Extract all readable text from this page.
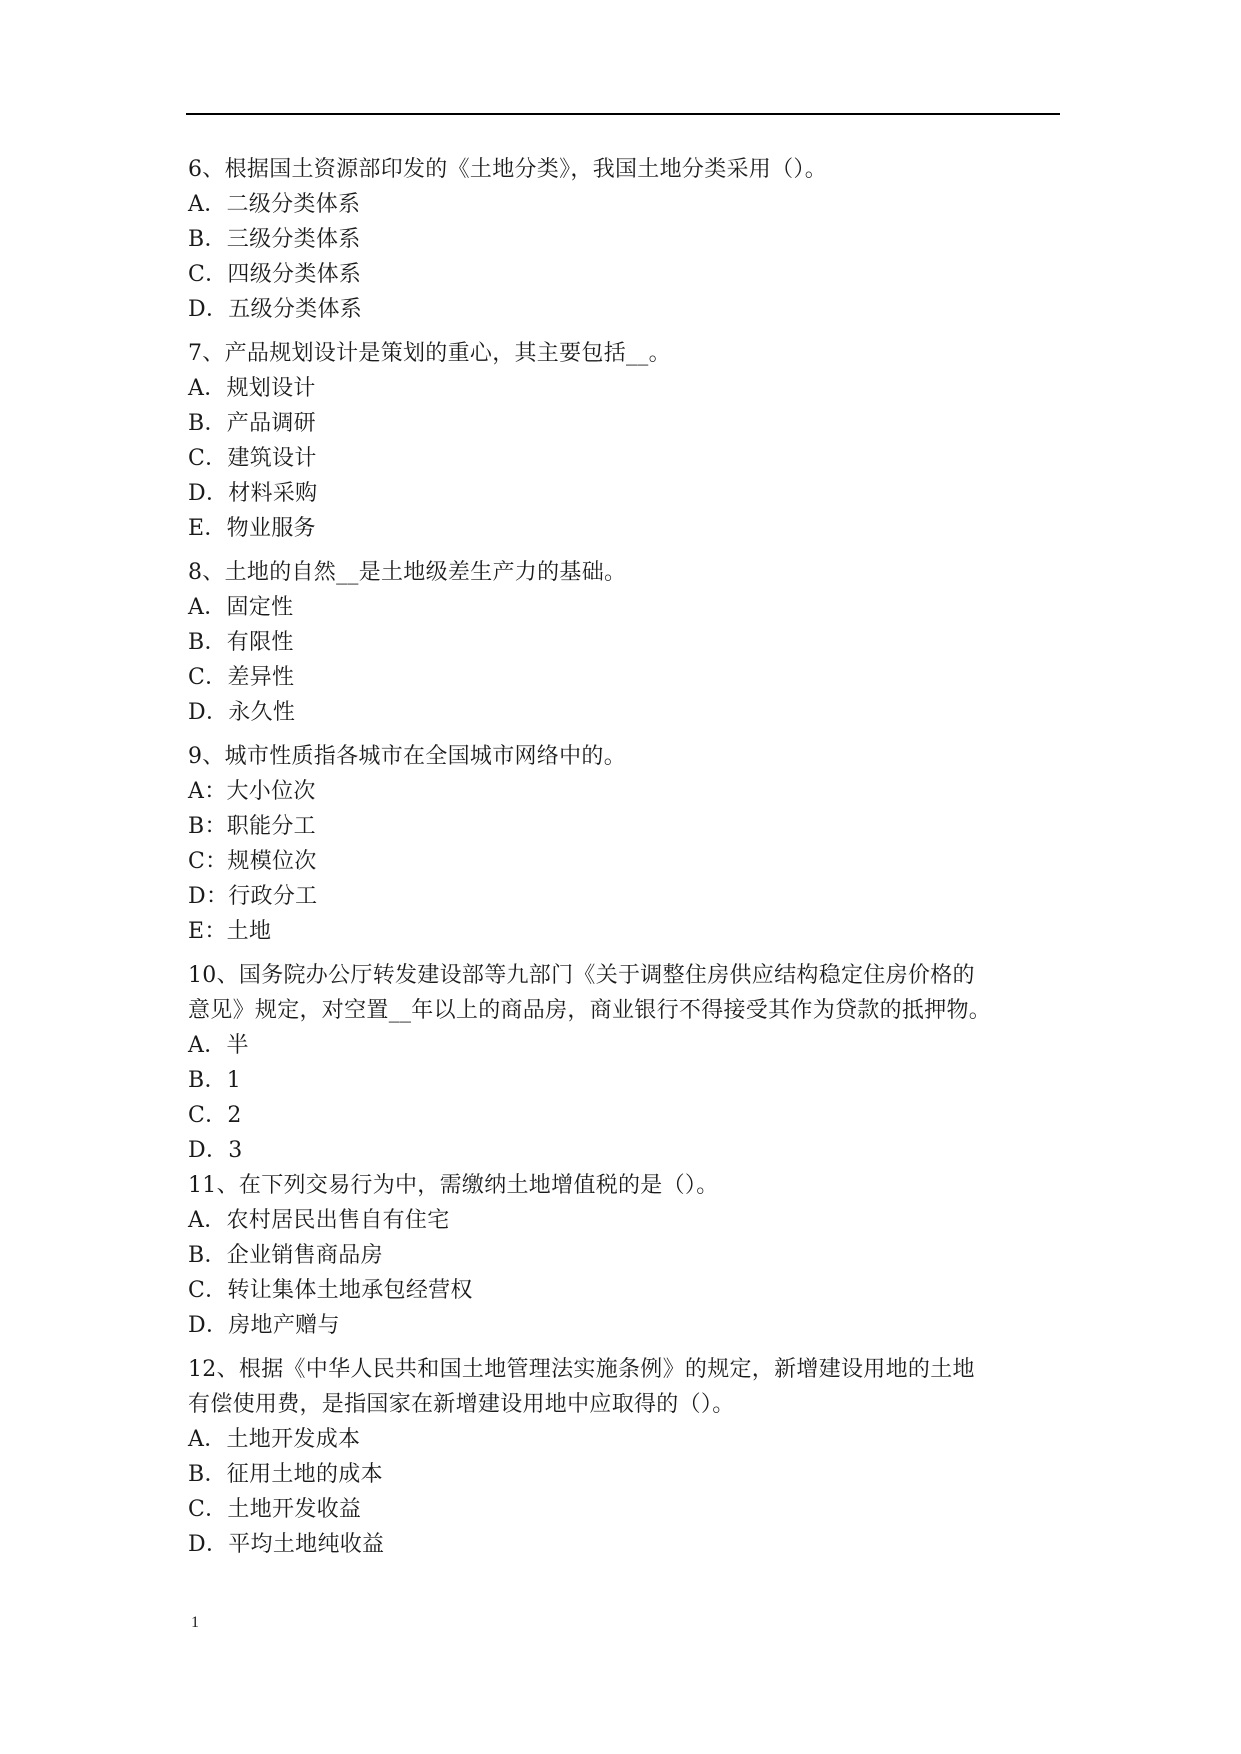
6、根据国土资源部印发的《土地分类》，我国土地分类采用（）。
A．二级分类体系
B．三级分类体系
C．四级分类体系
D．五级分类体系
7、产品规划设计是策划的重心，其主要包括__。
A．规划设计
B．产品调研
C．建筑设计
D．材料采购
E．物业服务
8、土地的自然__是土地级差生产力的基础。
A．固定性
B．有限性
C．差异性
D．永久性
9、城市性质指各城市在全国城市网络中的。
A：大小位次
B：职能分工
C：规模位次
D：行政分工
E：土地
10、国务院办公厅转发建设部等九部门《关于调整住房供应结构稳定住房价格的
意见》规定，对空置__年以上的商品房，商业银行不得接受其作为贷款的抵押物。
A．半
B．1
C．2
D．3
11、在下列交易行为中，需缴纳土地增值税的是（）。
A．农村居民出售自有住宅
B．企业销售商品房
C．转让集体土地承包经营权
D．房地产赠与
12、根据《中华人民共和国土地管理法实施条例》的规定，新增建设用地的土地
有偿使用费，是指国家在新增建设用地中应取得的（）。
A．土地开发成本
B．征用土地的成本
C．土地开发收益
D．平均土地纯收益
1
